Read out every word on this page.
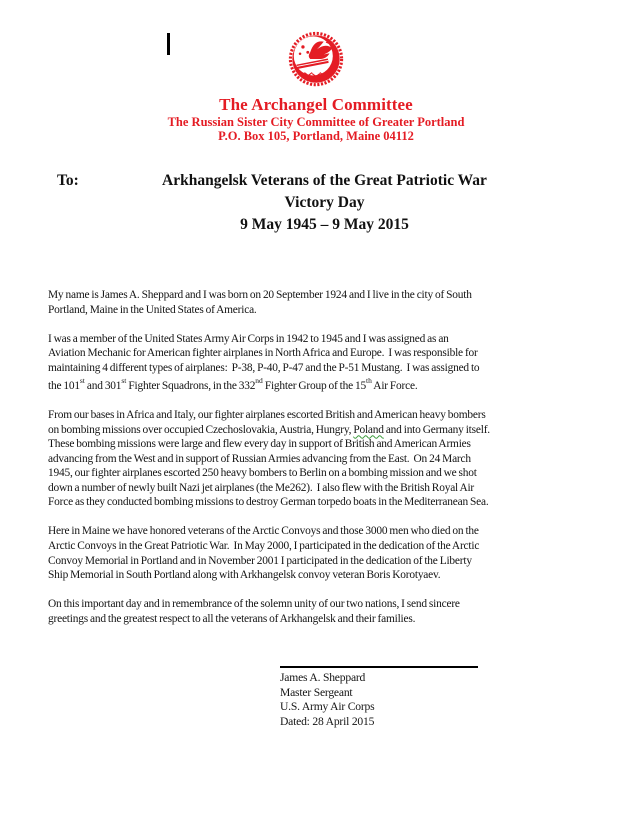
The Archangel Committee
The Russian Sister City Committee of Greater Portland
P.O. Box 105, Portland, Maine 04112
To:	Arkhangelsk Veterans of the Great Patriotic War
Victory Day
9 May 1945 – 9 May 2015
My name is James A. Sheppard and I was born on 20 September 1924 and I live in the city of South
Portland, Maine in the United States of America.
I was a member of the United States Army Air Corps in 1942 to 1945 and I was assigned as an
Aviation Mechanic for American fighter airplanes in North Africa and Europe.  I was responsible for
maintaining 4 different types of airplanes:  P-38, P-40, P-47 and the P-51 Mustang.  I was assigned to
the 101st and 301st Fighter Squadrons, in the 332nd Fighter Group of the 15th Air Force.
From our bases in Africa and Italy, our fighter airplanes escorted British and American heavy bombers
on bombing missions over occupied Czechoslovakia, Austria, Hungry, Poland and into Germany itself.
These bombing missions were large and flew every day in support of British and American Armies
advancing from the West and in support of Russian Armies advancing from the East.  On 24 March
1945, our fighter airplanes escorted 250 heavy bombers to Berlin on a bombing mission and we shot
down a number of newly built Nazi jet airplanes (the Me262).  I also flew with the British Royal Air
Force as they conducted bombing missions to destroy German torpedo boats in the Mediterranean Sea.
Here in Maine we have honored veterans of the Arctic Convoys and those 3000 men who died on the
Arctic Convoys in the Great Patriotic War.  In May 2000, I participated in the dedication of the Arctic
Convoy Memorial in Portland and in November 2001 I participated in the dedication of the Liberty
Ship Memorial in South Portland along with Arkhangelsk convoy veteran Boris Korotyaev.
On this important day and in remembrance of the solemn unity of our two nations, I send sincere
greetings and the greatest respect to all the veterans of Arkhangelsk and their families.
James A. Sheppard
Master Sergeant
U.S. Army Air Corps
Dated: 28 April 2015
